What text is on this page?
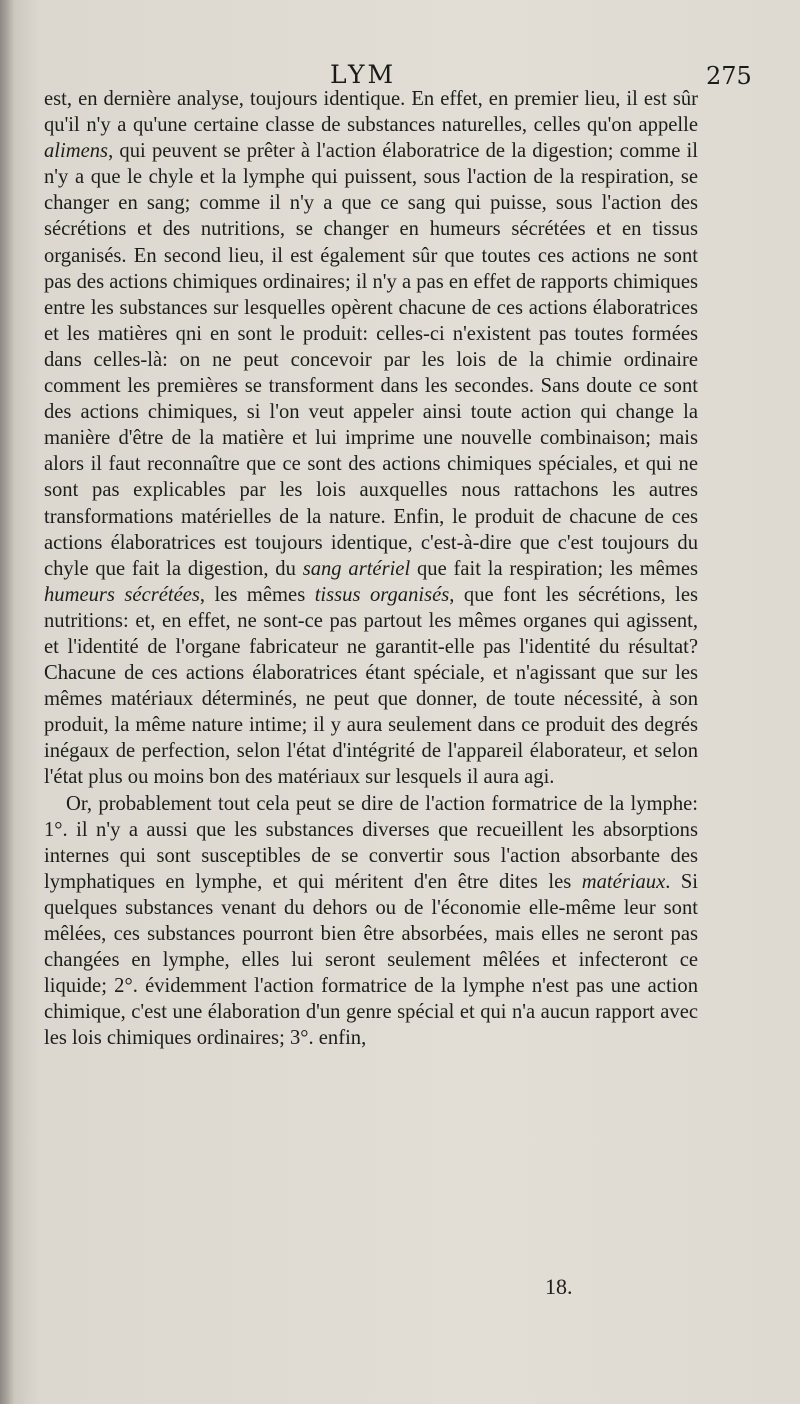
LYM	275

est, en dernière analyse, toujours identique. En effet, en premier lieu, il est sûr qu'il n'y a qu'une certaine classe de substances naturelles, celles qu'on appelle alimens, qui peuvent se prêter à l'action élaboratrice de la digestion; comme il n'y a que le chyle et la lymphe qui puissent, sous l'action de la respiration, se changer en sang; comme il n'y a que ce sang qui puisse, sous l'action des sécrétions et des nutritions, se changer en humeurs sécrétées et en tissus organisés. En second lieu, il est également sûr que toutes ces actions ne sont pas des actions chimiques ordinaires; il n'y a pas en effet de rapports chimiques entre les substances sur lesquelles opèrent chacune de ces actions élaboratrices et les matières qni en sont le produit: celles-ci n'existent pas toutes formées dans celles-là: on ne peut concevoir par les lois de la chimie ordinaire comment les premières se transforment dans les secondes. Sans doute ce sont des actions chimiques, si l'on veut appeler ainsi toute action qui change la manière d'être de la matière et lui imprime une nouvelle combinaison; mais alors il faut reconnaître que ce sont des actions chimiques spéciales, et qui ne sont pas explicables par les lois auxquelles nous rattachons les autres transformations matérielles de la nature. Enfin, le produit de chacune de ces actions élaboratrices est toujours identique, c'est-à-dire que c'est toujours du chyle que fait la digestion, du sang artériel que fait la respiration; les mêmes humeurs sécrétées, les mêmes tissus organisés, que font les sécrétions, les nutritions: et, en effet, ne sont-ce pas partout les mêmes organes qui agissent, et l'identité de l'organe fabricateur ne garantit-elle pas l'identité du résultat? Chacune de ces actions élaboratrices étant spéciale, et n'agissant que sur les mêmes matériaux déterminés, ne peut que donner, de toute nécessité, à son produit, la même nature intime; il y aura seulement dans ce produit des degrés inégaux de perfection, selon l'état d'intégrité de l'appareil élaborateur, et selon l'état plus ou moins bon des matériaux sur lesquels il aura agi.

Or, probablement tout cela peut se dire de l'action formatrice de la lymphe: 1°. il n'y a aussi que les substances diverses que recueillent les absorptions internes qui sont susceptibles de se convertir sous l'action absorbante des lymphatiques en lymphe, et qui méritent d'en être dites les matériaux. Si quelques substances venant du dehors ou de l'économie elle-même leur sont mêlées, ces substances pourront bien être absorbées, mais elles ne seront pas changées en lymphe, elles lui seront seulement mêlées et infecteront ce liquide; 2°. évidemment l'action formatrice de la lymphe n'est pas une action chimique, c'est une élaboration d'un genre spécial et qui n'a aucun rapport avec les lois chimiques ordinaires; 3°. enfin,

18.
